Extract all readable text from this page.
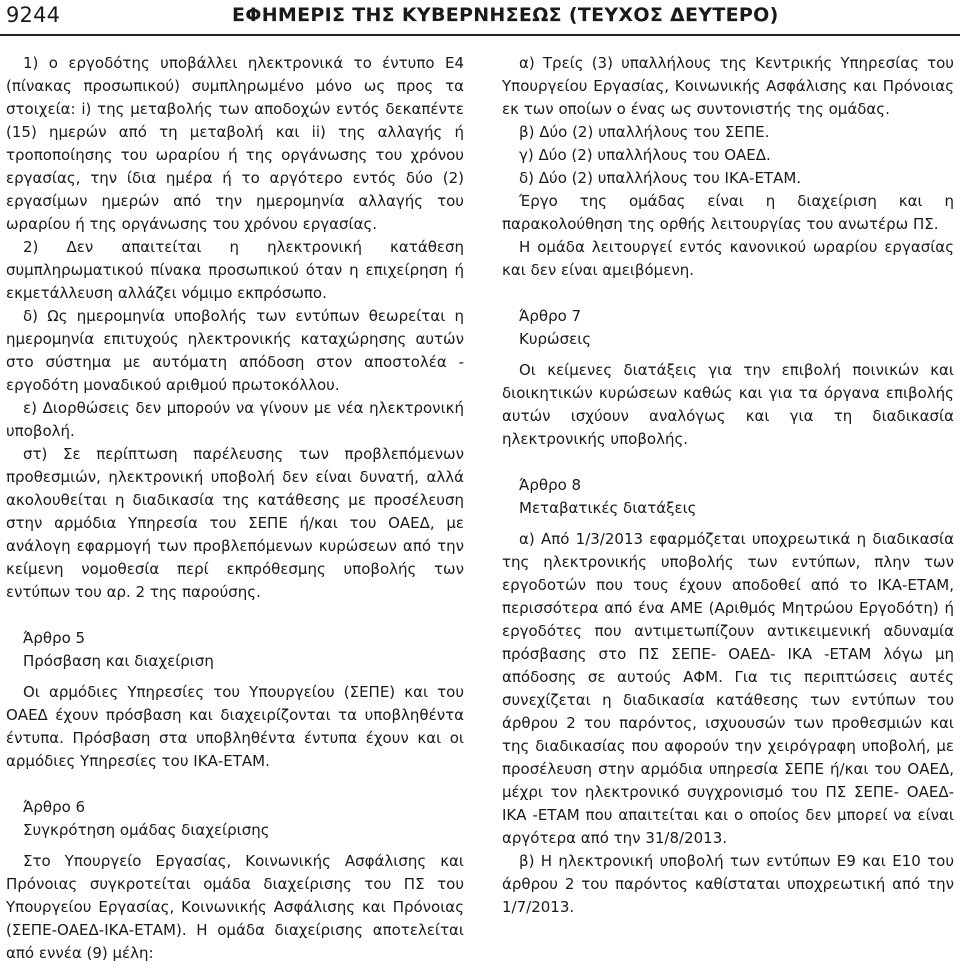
9244	ΕΦΗΜΕΡΙΣ ΤΗΣ ΚΥΒΕΡΝΗΣΕΩΣ (ΤΕΥΧΟΣ ΔΕΥΤΕΡΟ)

1) ο εργοδότης υποβάλλει ηλεκτρονικά το έντυπο Ε4 (πίνακας προσωπικού) συμπληρωμένο μόνο ως προς τα στοιχεία: i) της μεταβολής των αποδοχών εντός δεκαπέντε (15) ημερών από τη μεταβολή και ii) της αλλαγής ή τροποποίησης του ωραρίου ή της οργάνωσης του χρόνου εργασίας, την ίδια ημέρα ή το αργότερο εντός δύο (2) εργασίμων ημερών από την ημερομηνία αλλαγής του ωραρίου ή της οργάνωσης του χρόνου εργασίας.

2) Δεν απαιτείται η ηλεκτρονική κατάθεση συμπληρωματικού πίνακα προσωπικού όταν η επιχείρηση ή εκμετάλλευση αλλάζει νόμιμο εκπρόσωπο.

δ) Ως ημερομηνία υποβολής των εντύπων θεωρείται η ημερομηνία επιτυχούς ηλεκτρονικής καταχώρησης αυτών στο σύστημα με αυτόματη απόδοση στον αποστολέα - εργοδότη μοναδικού αριθμού πρωτοκόλλου.

ε) Διορθώσεις δεν μπορούν να γίνουν με νέα ηλεκτρονική υποβολή.

στ) Σε περίπτωση παρέλευσης των προβλεπόμενων προθεσμιών, ηλεκτρονική υποβολή δεν είναι δυνατή, αλλά ακολουθείται η διαδικασία της κατάθεσης με προσέλευση στην αρμόδια Υπηρεσία του ΣΕΠΕ ή/και του ΟΑΕΔ, με ανάλογη εφαρμογή των προβλεπόμενων κυρώσεων από την κείμενη νομοθεσία περί εκπρόθεσμης υποβολής των εντύπων του αρ. 2 της παρούσης.

Άρθρο 5

Πρόσβαση και διαχείριση

Οι αρμόδιες Υπηρεσίες του Υπουργείου (ΣΕΠΕ) και του ΟΑΕΔ έχουν πρόσβαση και διαχειρίζονται τα υποβληθέντα έντυπα. Πρόσβαση στα υποβληθέντα έντυπα έχουν και οι αρμόδιες Υπηρεσίες του ΙΚΑ-ΕΤΑΜ.

Άρθρο 6

Συγκρότηση ομάδας διαχείρισης

Στο Υπουργείο Εργασίας, Κοινωνικής Ασφάλισης και Πρόνοιας συγκροτείται ομάδα διαχείρισης του ΠΣ του Υπουργείου Εργασίας, Κοινωνικής Ασφάλισης και Πρόνοιας (ΣΕΠΕ-ΟΑΕΔ-ΙΚΑ-ΕΤΑΜ). Η ομάδα διαχείρισης αποτελείται από εννέα (9) μέλη:

α) Τρείς (3) υπαλλήλους της Κεντρικής Υπηρεσίας του Υπουργείου Εργασίας, Κοινωνικής Ασφάλισης και Πρόνοιας εκ των οποίων ο ένας ως συντονιστής της ομάδας.

β) Δύο (2) υπαλλήλους του ΣΕΠΕ.

γ) Δύο (2) υπαλλήλους του ΟΑΕΔ.

δ) Δύο (2) υπαλλήλους του ΙΚΑ-ΕΤΑΜ.

Έργο της ομάδας είναι η διαχείριση και η παρακολούθηση της ορθής λειτουργίας του ανωτέρω ΠΣ.

Η ομάδα λειτουργεί εντός κανονικού ωραρίου εργασίας και δεν είναι αμειβόμενη.

Άρθρο 7

Κυρώσεις

Οι κείμενες διατάξεις για την επιβολή ποινικών και διοικητικών κυρώσεων καθώς και για τα όργανα επιβολής αυτών ισχύουν αναλόγως και για τη διαδικασία ηλεκτρονικής υποβολής.

Άρθρο 8

Μεταβατικές διατάξεις

α) Από 1/3/2013 εφαρμόζεται υποχρεωτικά η διαδικασία της ηλεκτρονικής υποβολής των εντύπων, πλην των εργοδοτών που τους έχουν αποδοθεί από το ΙΚΑ-ΕΤΑΜ, περισσότερα από ένα ΑΜΕ (Αριθμός Μητρώου Εργοδότη) ή εργοδότες που αντιμετωπίζουν αντικειμενική αδυναμία πρόσβασης στο ΠΣ ΣΕΠΕ- ΟΑΕΔ- ΙΚΑ -ΕΤΑΜ λόγω μη απόδοσης σε αυτούς ΑΦΜ. Για τις περιπτώσεις αυτές συνεχίζεται η διαδικασία κατάθεσης των εντύπων του άρθρου 2 του παρόντος, ισχυουσών των προθεσμιών και της διαδικασίας που αφορούν την χειρόγραφη υποβολή, με προσέλευση στην αρμόδια υπηρεσία ΣΕΠΕ ή/και του ΟΑΕΔ, μέχρι τον ηλεκτρονικό συγχρονισμό του ΠΣ ΣΕΠΕ- ΟΑΕΔ- ΙΚΑ -ΕΤΑΜ που απαιτείται και ο οποίος δεν μπορεί να είναι αργότερα από την 31/8/2013.

β) Η ηλεκτρονική υποβολή των εντύπων Ε9 και Ε10 του άρθρου 2 του παρόντος καθίσταται υποχρεωτική από την 1/7/2013.
